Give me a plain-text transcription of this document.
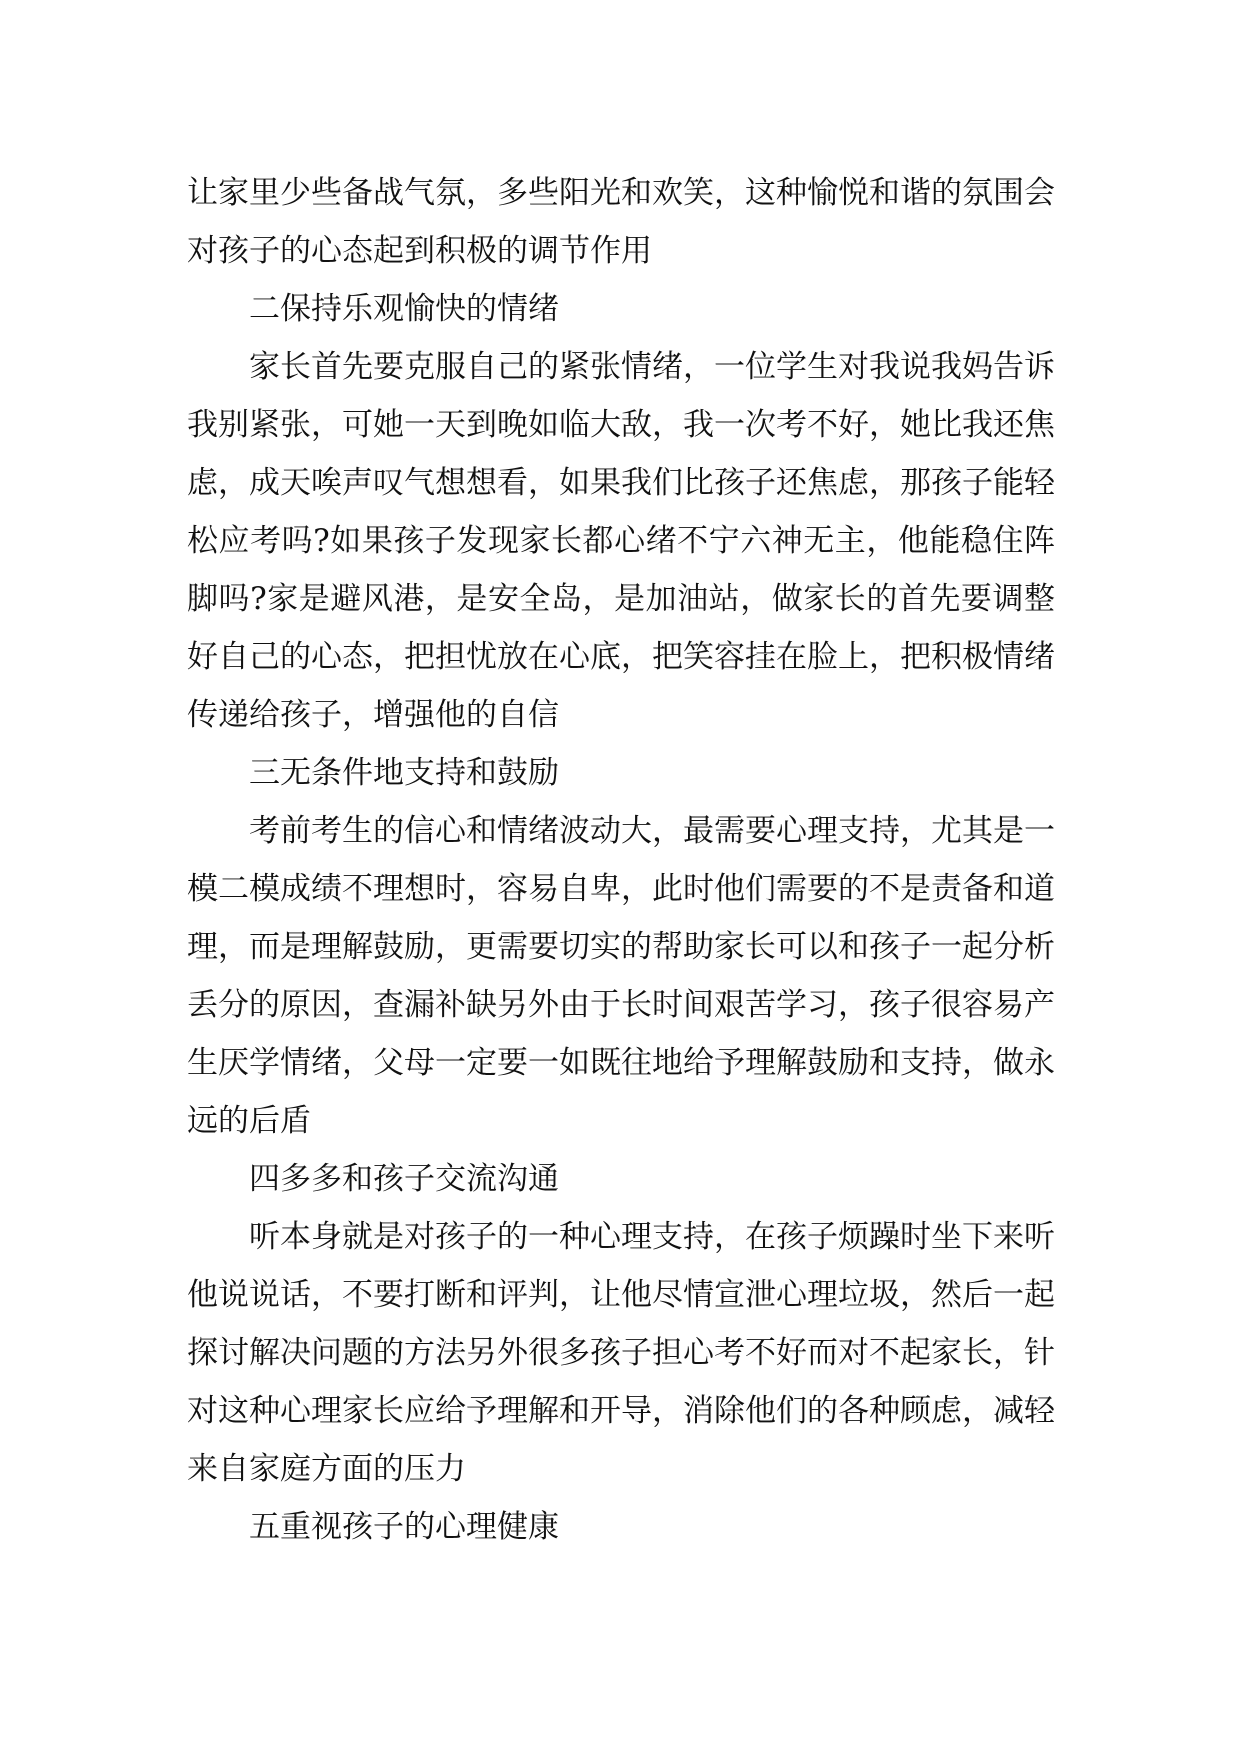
让家里少些备战气氛，多些阳光和欢笑，这种愉悦和谐的氛围会对孩子的心态起到积极的调节作用

二保持乐观愉快的情绪

家长首先要克服自己的紧张情绪，一位学生对我说我妈告诉我别紧张，可她一天到晚如临大敌，我一次考不好，她比我还焦虑，成天唉声叹气想想看，如果我们比孩子还焦虑，那孩子能轻松应考吗?如果孩子发现家长都心绪不宁六神无主，他能稳住阵脚吗?家是避风港，是安全岛，是加油站，做家长的首先要调整好自己的心态，把担忧放在心底，把笑容挂在脸上，把积极情绪传递给孩子，增强他的自信

三无条件地支持和鼓励

考前考生的信心和情绪波动大，最需要心理支持，尤其是一模二模成绩不理想时，容易自卑，此时他们需要的不是责备和道理，而是理解鼓励，更需要切实的帮助家长可以和孩子一起分析丢分的原因，查漏补缺另外由于长时间艰苦学习，孩子很容易产生厌学情绪，父母一定要一如既往地给予理解鼓励和支持，做永远的后盾

四多多和孩子交流沟通

听本身就是对孩子的一种心理支持，在孩子烦躁时坐下来听他说说话，不要打断和评判，让他尽情宣泄心理垃圾，然后一起探讨解决问题的方法另外很多孩子担心考不好而对不起家长，针对这种心理家长应给予理解和开导，消除他们的各种顾虑，减轻来自家庭方面的压力

五重视孩子的心理健康
